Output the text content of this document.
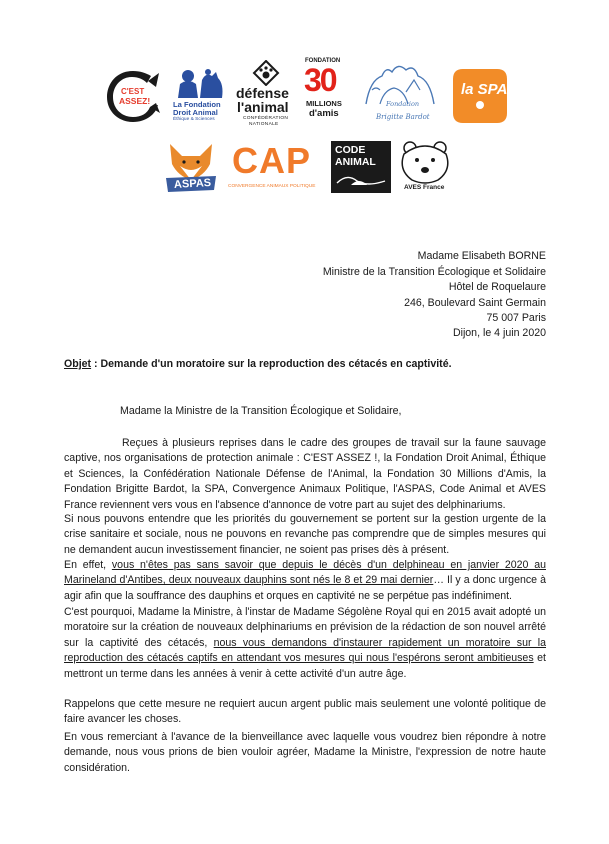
C'EST
ASSEZ!	La Fondation
Droit Animal
Éthique & Sciences
défense
l'animal
CONFÉDÉRATION
NATIONALE
FONDATION
30
MILLIONS
d'amis
Fondation
Brigitte Bardot
la SPA
ASPAS
CAP
CONVERGENCE ANIMAUX POLITIQUE
CODE
ANIMAL
AVES France
Madame Elisabeth BORNE
Ministre de la Transition Écologique et Solidaire
Hôtel de Roquelaure
246, Boulevard Saint Germain
75 007 Paris
Dijon, le 4 juin 2020
Objet : Demande d'un moratoire sur la reproduction des cétacés en captivité.
Madame la Ministre de la Transition Écologique et Solidaire,
Reçues à plusieurs reprises dans le cadre des groupes de travail sur la faune sauvage captive, nos organisations de protection animale : C'EST ASSEZ !, la Fondation Droit Animal, Éthique et Sciences, la Confédération Nationale Défense de l'Animal, la Fondation 30 Millions d'Amis, la Fondation Brigitte Bardot, la SPA, Convergence Animaux Politique, l'ASPAS, Code Animal et AVES France reviennent vers vous en l'absence d'annonce de votre part au sujet des delphinariums.
Si nous pouvons entendre que les priorités du gouvernement se portent sur la gestion urgente de la crise sanitaire et sociale, nous ne pouvons en revanche pas comprendre que de simples mesures qui ne demandent aucun investissement financier, ne soient pas prises dès à présent.
En effet, vous n'êtes pas sans savoir que depuis le décès d'un delphineau en janvier 2020 au Marineland d'Antibes, deux nouveaux dauphins sont nés le 8 et 29 mai dernier… Il y a donc urgence à agir afin que la souffrance des dauphins et orques en captivité ne se perpétue pas indéfiniment.
C'est pourquoi, Madame la Ministre, à l'instar de Madame Ségolène Royal qui en 2015 avait adopté un moratoire sur la création de nouveaux delphinariums en prévision de la rédaction de son nouvel arrêté sur la captivité des cétacés, nous vous demandons d'instaurer rapidement un moratoire sur la reproduction des cétacés captifs en attendant vos mesures qui nous l'espérons seront ambitieuses et mettront un terme dans les années à venir à cette activité d'un autre âge.
Rappelons que cette mesure ne requiert aucun argent public mais seulement une volonté politique de faire avancer les choses.
En vous remerciant à l'avance de la bienveillance avec laquelle vous voudrez bien répondre à notre demande, nous vous prions de bien vouloir agréer, Madame la Ministre, l'expression de notre haute considération.
